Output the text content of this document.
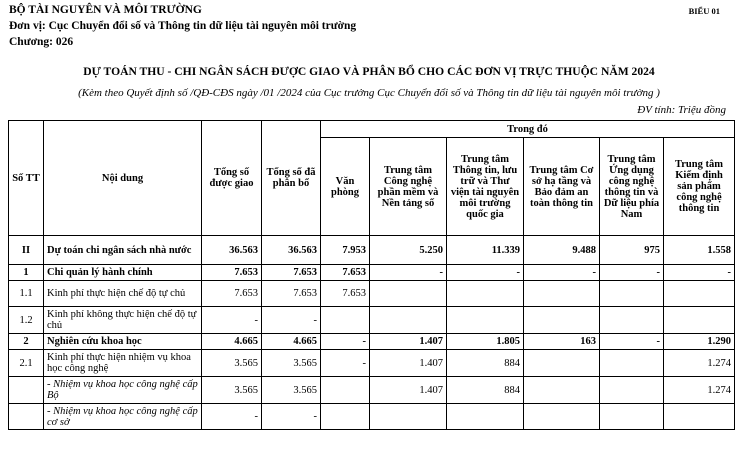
BỘ TÀI NGUYÊN VÀ MÔI TRƯỜNG
Đơn vị: Cục Chuyển đổi số và Thông tin dữ liệu tài nguyên môi trường
Chương: 026
BIỂU 01
DỰ TOÁN THU - CHI NGÂN SÁCH ĐƯỢC GIAO VÀ PHÂN BỔ CHO CÁC ĐƠN VỊ TRỰC THUỘC NĂM 2024
(Kèm theo Quyết định số /QĐ-CĐS ngày /01 /2024 của Cục trưởng Cục Chuyển đổi số và Thông tin dữ liệu tài nguyên môi trường )
ĐV tính: Triệu đồng
Số TT	Nội dung	Tổng số được giao	Tổng số đã phân bổ	Trong đó					
				Văn phòng	Trung tâm Công nghệ phần mềm và Nền tảng số	Trung tâm Thông tin, lưu trữ và Thư viện tài nguyên môi trường quốc gia	Trung tâm Cơ sở hạ tầng và Bảo đảm an toàn thông tin	Trung tâm Ứng dụng công nghệ thông tin và Dữ liệu phía Nam	Trung tâm Kiểm định sản phẩm công nghệ thông tin
II	Dự toán chi ngân sách nhà nước	36.563	36.563	7.953	5.250	11.339	9.488	975	1.558
1	Chi quản lý hành chính	7.653	7.653	7.653	-	-	-	-	-
1.1	Kinh phí thực hiện chế độ tự chủ	7.653	7.653	7.653					
1.2	Kinh phí không thực hiện chế độ tự chủ	-	-						
2	Nghiên cứu khoa học	4.665	4.665	-	1.407	1.805	163	-	1.290
2.1	Kinh phí thực hiện nhiệm vụ khoa học công nghệ	3.565	3.565	-	1.407	884			1.274
	- Nhiệm vụ khoa học công nghệ cấp Bộ	3.565	3.565		1.407	884			1.274
	- Nhiệm vụ khoa học công nghệ cấp cơ sở	-	-						
